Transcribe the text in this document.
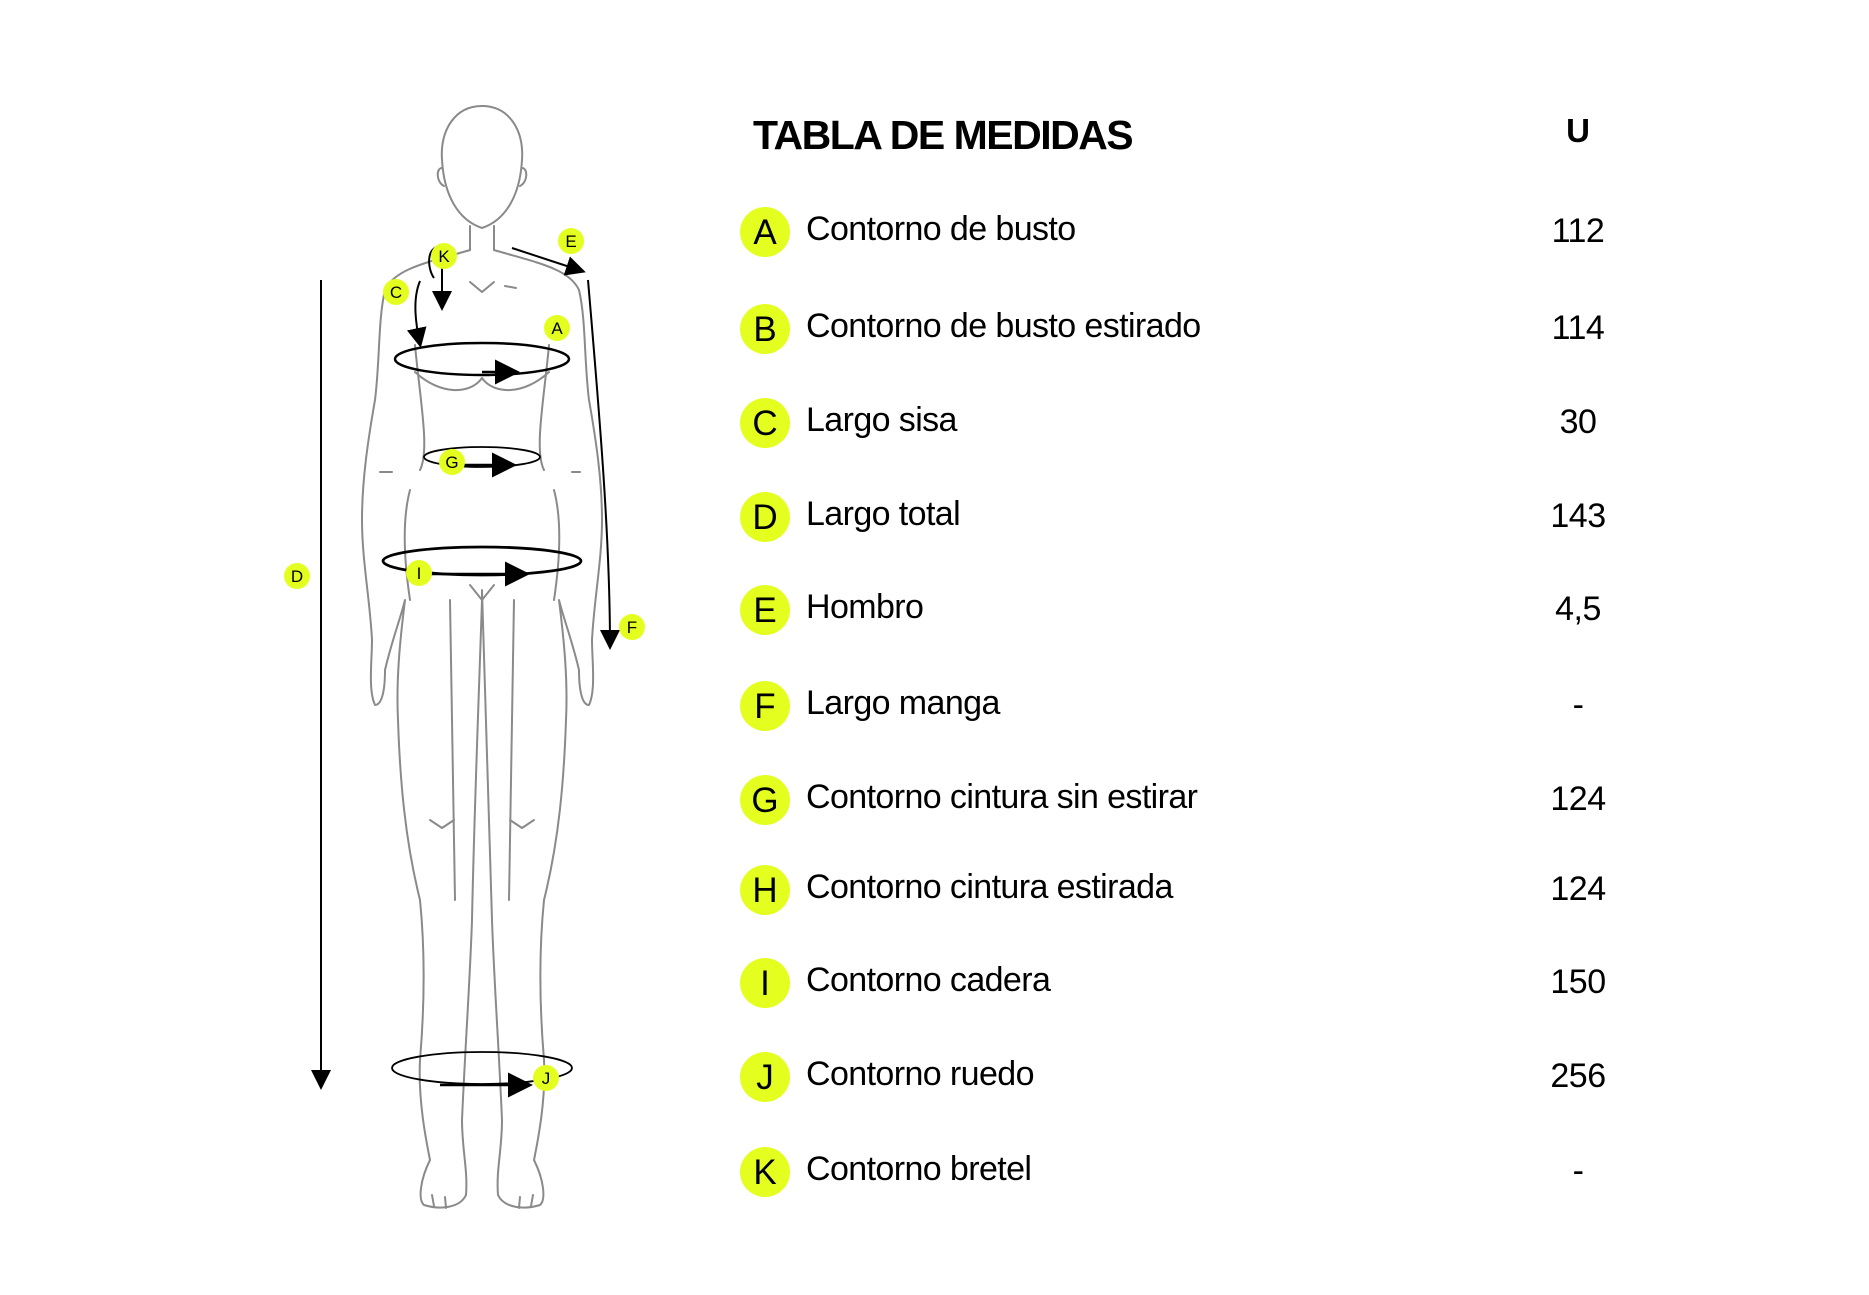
A
C
D
E
F
G
I
J
K
TABLA DE MEDIDAS	U
A Contorno de busto	112
B Contorno de busto estirado	114
C Largo sisa	30
D Largo total	143
E Hombro	4,5
F Largo manga	-
G Contorno cintura sin estirar	124
H Contorno cintura estirada	124
I	Contorno cadera	150
J Contorno ruedo	256
K Contorno bretel	-
